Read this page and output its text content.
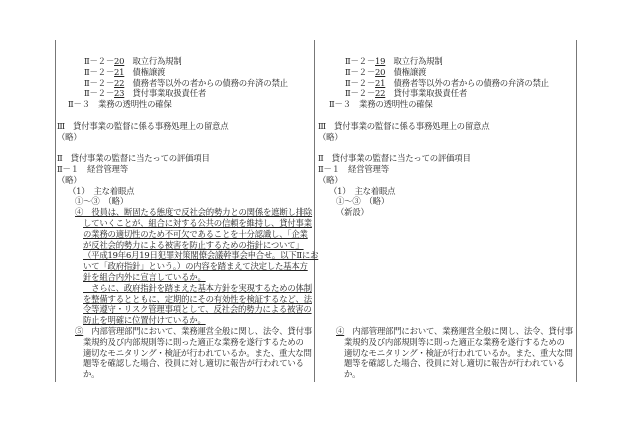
Ⅱ－２－20　取立行為規制
Ⅱ－２－21　債権譲渡
Ⅱ－２－22　債務者等以外の者からの債務の弁済の禁止
Ⅱ－２－23　貸付事業取扱責任者
Ⅱ－３　業務の透明性の確保
Ⅲ　貸付事業の監督に係る事務処理上の留意点
（略）
Ⅱ　貸付事業の監督に当たっての評価項目
Ⅱ－１　経営管理等
（略）
（1）　主な着眼点
①～③　（略）
④　役員は、断固たる態度で反社会的勢力との関係を遮断し排除
していくことが、組合に対する公共の信頼を維持し、貸付事業
の業務の適切性のため不可欠であることを十分認識し、「企業
が反社会的勢力による被害を防止するための指針について」
（平成19年6月19日犯罪対策閣僚会議幹事会申合せ。以下Ⅱにお
いて「政府指針」という。）の内容を踏まえて決定した基本方
針を組合内外に宣言しているか。
　さらに、政府指針を踏まえた基本方針を実現するための体制
を整備するとともに、定期的にその有効性を検証するなど、法
令等遵守・リスク管理事項として、反社会的勢力による被害の
防止を明確に位置付けているか。
⑤　内部管理部門において、業務運営全般に関し、法令、貸付事
業規約及び内部規則等に則った適正な業務を遂行するための
適切なモニタリング・検証が行われているか。また、重大な問
題等を確認した場合、役員に対し適切に報告が行われている
か。
Ⅱ－２－19　取立行為規制
Ⅱ－２－20　債権譲渡
Ⅱ－２－21　債務者等以外の者からの債務の弁済の禁止
Ⅱ－２－22　貸付事業取扱責任者
Ⅱ－３　業務の透明性の確保
Ⅲ　貸付事業の監督に係る事務処理上の留意点
（略）
Ⅱ　貸付事業の監督に当たっての評価項目
Ⅱ－１　経営管理等
（略）
（1）　主な着眼点
①～③　（略）
（新設）
④　内部管理部門において、業務運営全般に関し、法令、貸付事
業規約及び内部規則等に則った適正な業務を遂行するための
適切なモニタリング・検証が行われているか。また、重大な問
題等を確認した場合、役員に対し適切に報告が行われている
か。
